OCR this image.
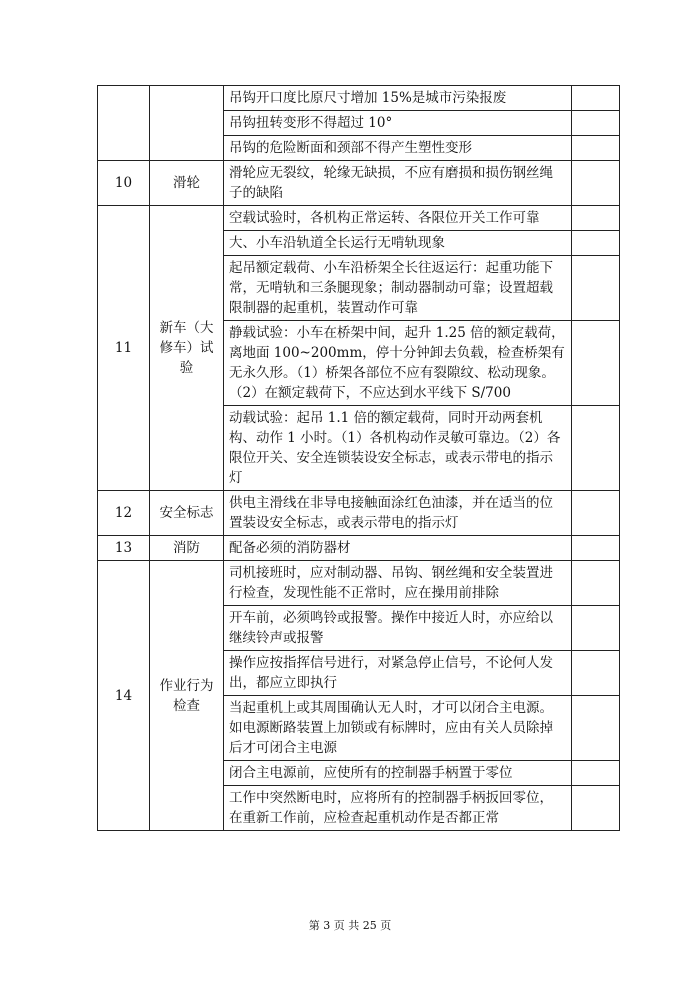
		吊钩开口度比原尺寸增加 15%是城市污染报废	
		吊钩扭转变形不得超过 10°	
		吊钩的危险断面和颈部不得产生塑性变形	
10	滑轮	滑轮应无裂纹，轮缘无缺损，不应有磨损和损伤钢丝绳子的缺陷	
11	新车（大修车）试验	空载试验时，各机构正常运转、各限位开关工作可靠	
		大、小车沿轨道全长运行无啃轨现象	
		起吊额定载荷、小车沿桥架全长往返运行：起重功能下常，无啃轨和三条腿现象；制动器制动可靠；设置超载限制器的起重机，装置动作可靠	
		静载试验：小车在桥架中间，起升 1.25 倍的额定载荷，离地面 100~200mm，停十分钟卸去负载，检查桥架有无永久形。（1）桥架各部位不应有裂隙纹、松动现象。（2）在额定载荷下，不应达到水平线下 S/700	
		动载试验：起吊 1.1 倍的额定载荷，同时开动两套机构、动作 1 小时。（1）各机构动作灵敏可靠边。（2）各限位开关、安全连锁装设安全标志，或表示带电的指示灯	
12	安全标志	供电主滑线在非导电接触面涂红色油漆，并在适当的位置装设安全标志，或表示带电的指示灯	
13	消防	配备必须的消防器材	
14	作业行为检查	司机接班时，应对制动器、吊钩、钢丝绳和安全装置进行检查，发现性能不正常时，应在操用前排除	
		开车前，必须鸣铃或报警。操作中接近人时，亦应给以继续铃声或报警	
		操作应按指挥信号进行，对紧急停止信号，不论何人发出，都应立即执行	
		当起重机上或其周围确认无人时，才可以闭合主电源。如电源断路装置上加锁或有标牌时，应由有关人员除掉后才可闭合主电源	
		闭合主电源前，应使所有的控制器手柄置于零位	
		工作中突然断电时，应将所有的控制器手柄扳回零位，在重新工作前，应检查起重机动作是否都正常	
第 3 页 共 25 页
